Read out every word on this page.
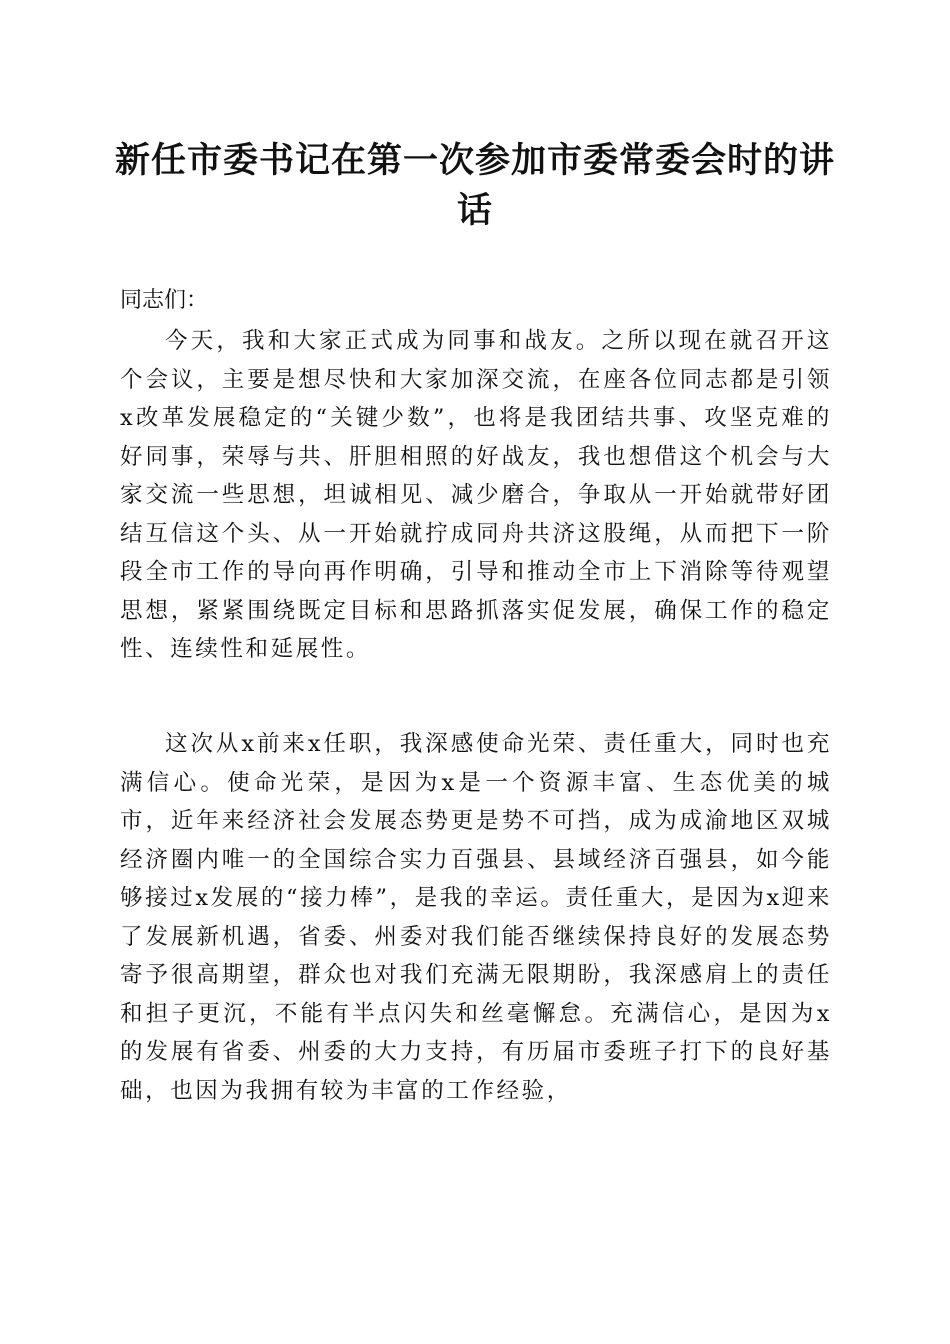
新任市委书记在第一次参加市委常委会时的讲话

同志们：

今天，我和大家正式成为同事和战友。之所以现在就召开这个会议，主要是想尽快和大家加深交流，在座各位同志都是引领x改革发展稳定的“关键少数”，也将是我团结共事、攻坚克难的好同事，荣辱与共、肝胆相照的好战友，我也想借这个机会与大家交流一些思想，坦诚相见、减少磨合，争取从一开始就带好团结互信这个头、从一开始就拧成同舟共济这股绳，从而把下一阶段全市工作的导向再作明确，引导和推动全市上下消除等待观望思想，紧紧围绕既定目标和思路抓落实促发展，确保工作的稳定性、连续性和延展性。

这次从x前来x任职，我深感使命光荣、责任重大，同时也充满信心。使命光荣，是因为x是一个资源丰富、生态优美的城市，近年来经济社会发展态势更是势不可挡，成为成渝地区双城经济圈内唯一的全国综合实力百强县、县域经济百强县，如今能够接过x发展的“接力棒”，是我的幸运。责任重大，是因为x迎来了发展新机遇，省委、州委对我们能否继续保持良好的发展态势寄予很高期望，群众也对我们充满无限期盼，我深感肩上的责任和担子更沉，不能有半点闪失和丝毫懈怠。充满信心，是因为x的发展有省委、州委的大力支持，有历届市委班子打下的良好基础，也因为我拥有较为丰富的工作经验，
